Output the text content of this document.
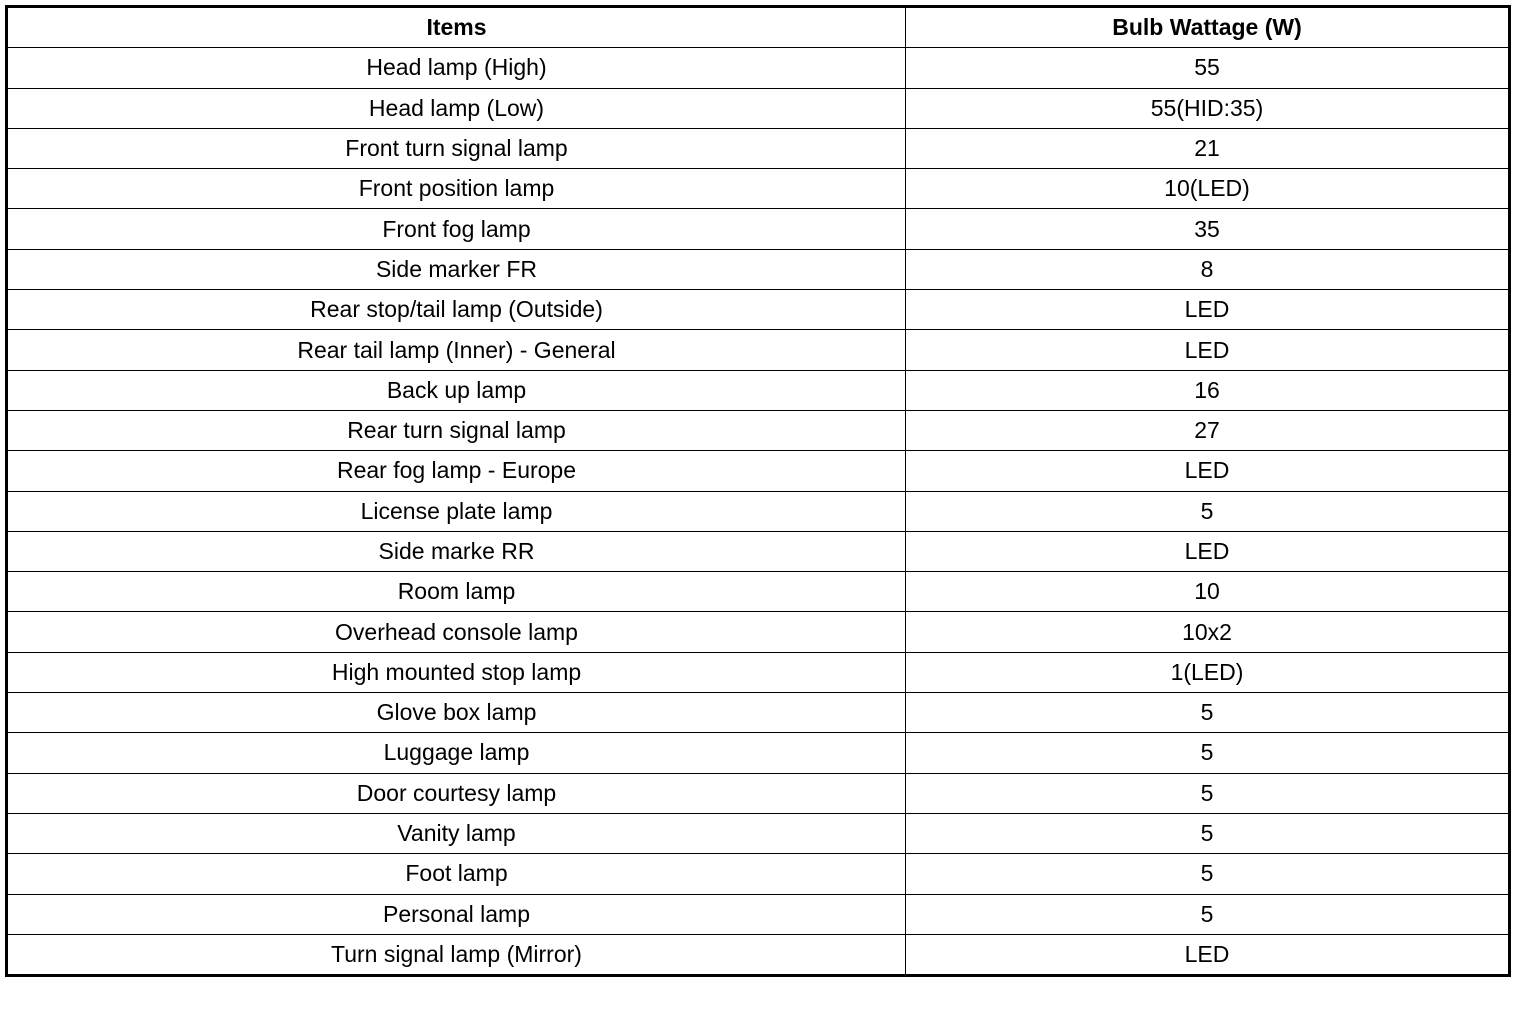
Items	Bulb Wattage (W)
Head lamp (High)	55
Head lamp (Low)	55(HID:35)
Front turn signal lamp	21
Front position lamp	10(LED)
Front fog lamp	35
Side marker FR	8
Rear stop/tail lamp (Outside)	LED
Rear tail lamp (Inner) - General	LED
Back up lamp	16
Rear turn signal lamp	27
Rear fog lamp - Europe	LED
License plate lamp	5
Side marke RR	LED
Room lamp	10
Overhead console lamp	10x2
High mounted stop lamp	1(LED)
Glove box lamp	5
Luggage lamp	5
Door courtesy lamp	5
Vanity lamp	5
Foot lamp	5
Personal lamp	5
Turn signal lamp (Mirror)	LED
